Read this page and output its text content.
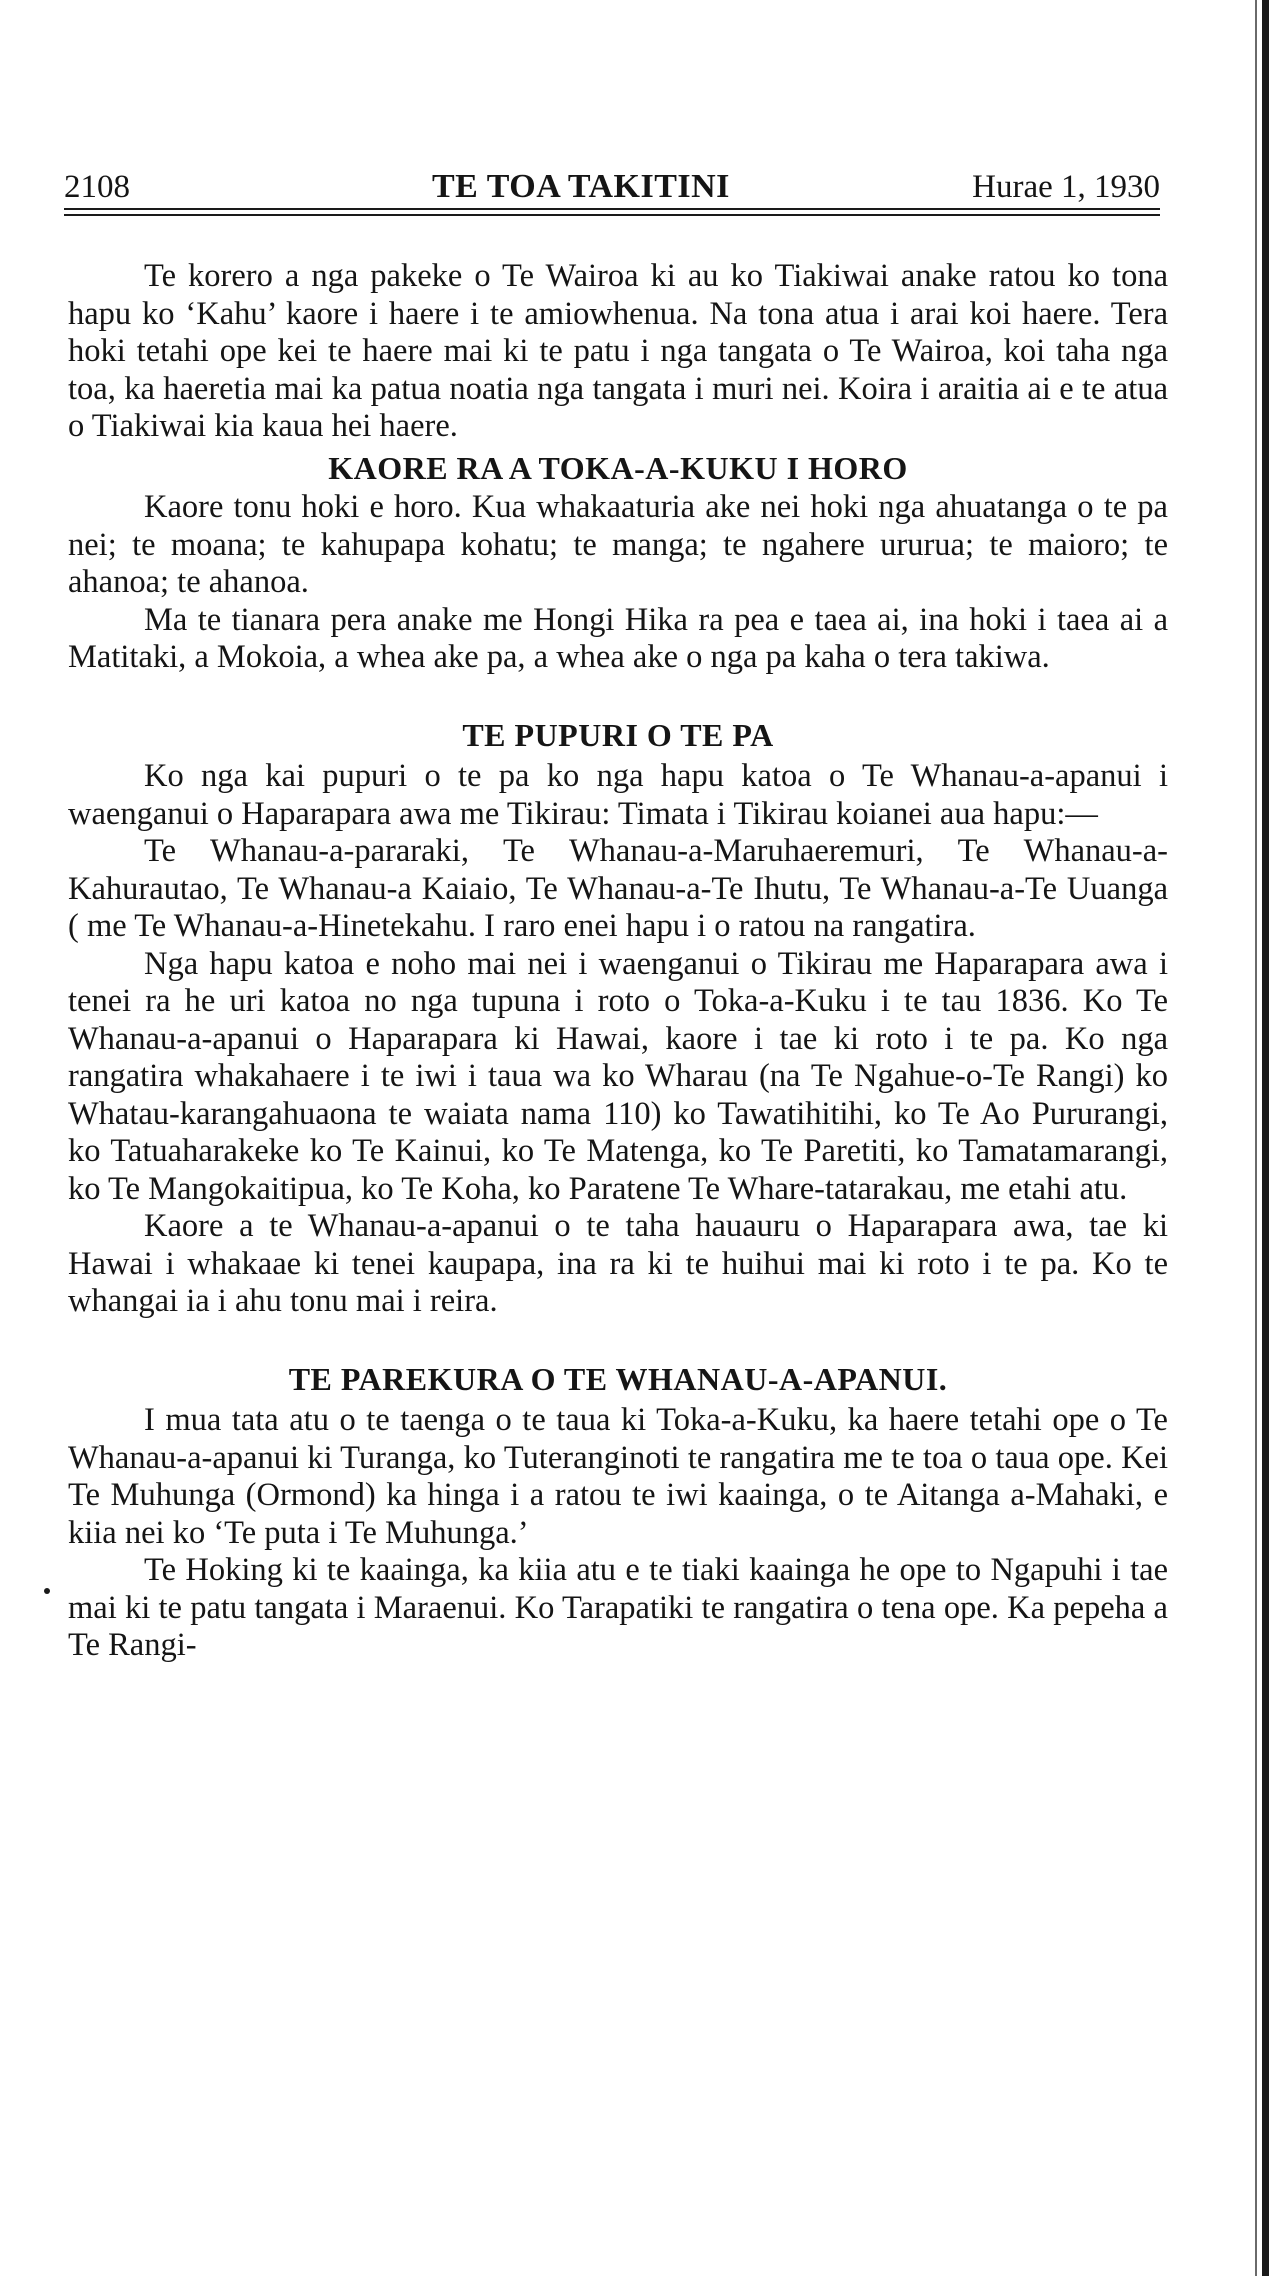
2108	TE TOA TAKITINI	Hurae 1, 1930

Te korero a nga pakeke o Te Wairoa ki au ko Tiakiwai anake ratou ko tona hapu ko ‘Kahu’ kaore i haere i te amiowhenua. Na tona atua i arai koi haere. Tera hoki tetahi ope kei te haere mai ki te patu i nga tangata o Te Wairoa, koi taha nga toa, ka haeretia mai ka patua noatia nga tangata i muri nei. Koira i araitia ai e te atua o Tiakiwai kia kaua hei haere.

KAORE RA A TOKA-A-KUKU I HORO

Kaore tonu hoki e horo. Kua whakaaturia ake nei hoki nga ahuatanga o te pa nei; te moana; te kahupapa kohatu; te manga; te ngahere ururua; te maioro; te ahanoa; te ahanoa.

Ma te tianara pera anake me Hongi Hika ra pea e taea ai, ina hoki i taea ai a Matitaki, a Mokoia, a whea ake pa, a whea ake o nga pa kaha o tera takiwa.

TE PUPURI O TE PA

Ko nga kai pupuri o te pa ko nga hapu katoa o Te Whanau-a-apanui i waenganui o Haparapara awa me Tikirau: Timata i Tikirau koianei aua hapu:—

Te Whanau-a-pararaki, Te Whanau-a-Maruhaeremuri, Te Whanau-a-Kahurautao, Te Whanau-a Kaiaio, Te Whanau-a-Te Ihutu, Te Whanau-a-Te Uuanga ( me Te Whanau-a-Hinetekahu. I raro enei hapu i o ratou na rangatira.

Nga hapu katoa e noho mai nei i waenganui o Tikirau me Haparapara awa i tenei ra he uri katoa no nga tupuna i roto o Toka-a-Kuku i te tau 1836. Ko Te Whanau-a-apanui o Haparapara ki Hawai, kaore i tae ki roto i te pa. Ko nga rangatira whakahaere i te iwi i taua wa ko Wharau (na Te Ngahue-o-Te Rangi) ko Whatau-karangahuaona te waiata nama 110) ko Tawatihitihi, ko Te Ao Pururangi, ko Tatuaharakeke ko Te Kainui, ko Te Matenga, ko Te Paretiti, ko Tamatamarangi, ko Te Mangokaitipua, ko Te Koha, ko Paratene Te Whare-tatarakau, me etahi atu.

Kaore a te Whanau-a-apanui o te taha hauauru o Haparapara awa, tae ki Hawai i whakaae ki tenei kaupapa, ina ra ki te huihui mai ki roto i te pa. Ko te whangai ia i ahu tonu mai i reira.

TE PAREKURA O TE WHANAU-A-APANUI.

I mua tata atu o te taenga o te taua ki Toka-a-Kuku, ka haere tetahi ope o Te Whanau-a-apanui ki Turanga, ko Tuteranginoti te rangatira me te toa o taua ope. Kei Te Muhunga (Ormond) ka hinga i a ratou te iwi kaainga, o te Aitanga a-Mahaki, e kiia nei ko ‘Te puta i Te Muhunga.’

Te Hoking ki te kaainga, ka kiia atu e te tiaki kaainga he ope to Ngapuhi i tae mai ki te patu tangata i Maraenui. Ko Tarapatiki te rangatira o tena ope. Ka pepeha a Te Rangi-
